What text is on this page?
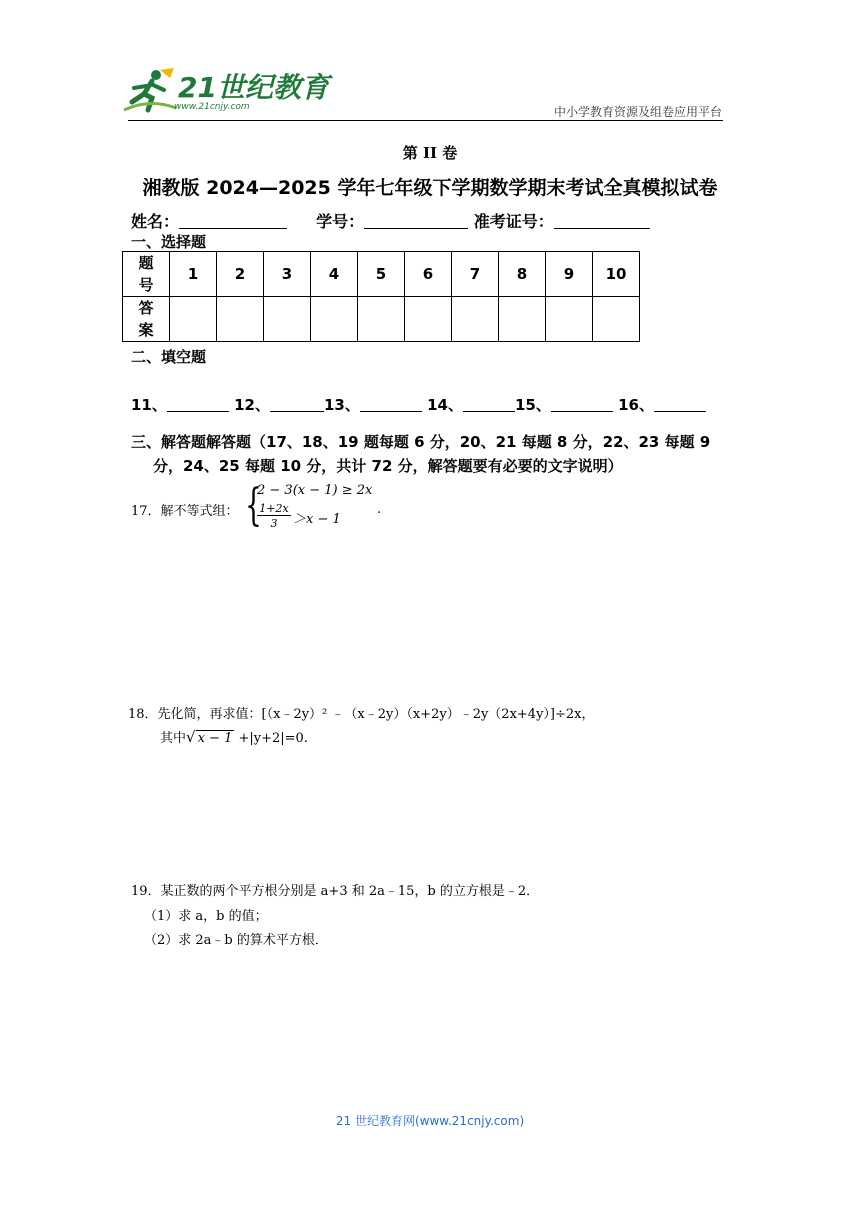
21世纪教育
www.21cnjy.com	中小学教育资源及组卷应用平台
第 II 卷
湘教版 2024—2025 学年七年级下学期数学期末考试全真模拟试卷
姓名：	学号：	准考证号：
一、选择题
题
号	1	2	3	4	5	6	7	8	9	10
答
案										
二、填空题
11、	12、	13、	14、	15、	16、
三、解答题解答题（17、18、19 题每题 6 分，20、21 每题 8 分，22、23 每题 9
分，24、25 每题 10 分，共计 72 分，解答题要有必要的文字说明）
17．解不等式组： {
2 − 3(x − 1) ≥ 2x
1+2x
3	＞x − 1
.
18．先化简，再求值：[（x﹣2y）² ﹣（x﹣2y）（x+2y）﹣2y（2x+4y）]÷2x，
其中√ x − 1 +|y+2|=0.
19．某正数的两个平方根分别是 a+3 和 2a﹣15，b 的立方根是﹣2．
（1）求 a，b 的值；
（2）求 2a﹣b 的算术平方根．
21 世纪教育网(www.21cnjy.com)
